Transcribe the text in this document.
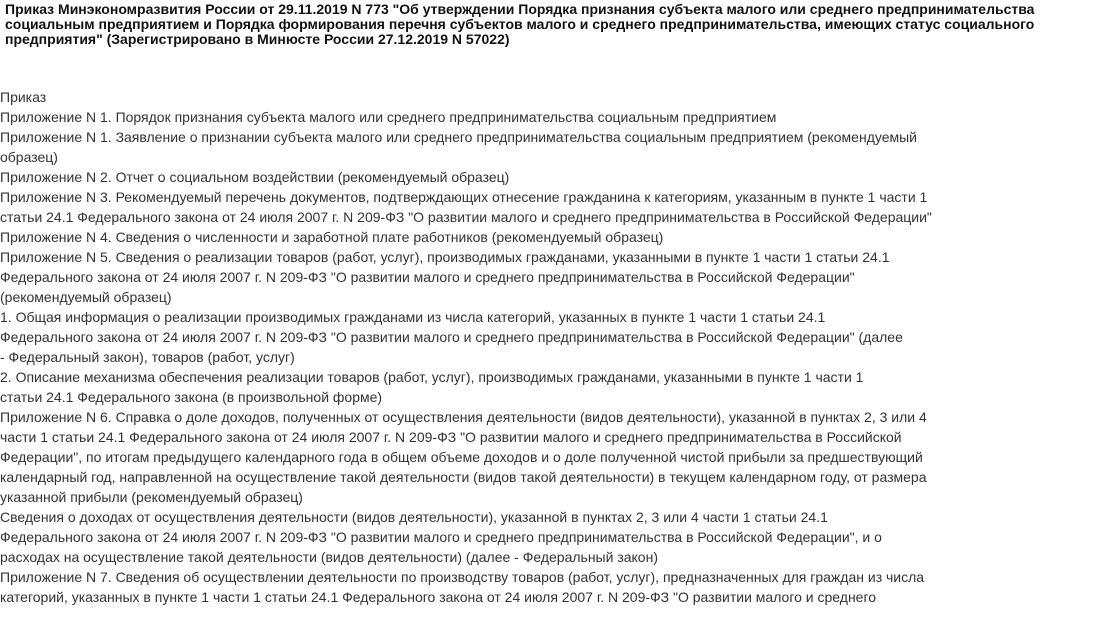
Приказ Минэкономразвития России от 29.11.2019 N 773 "Об утверждении Порядка признания субъекта малого или среднего предпринимательства социальным предприятием и Порядка формирования перечня субъектов малого и среднего предпринимательства, имеющих статус социального предприятия" (Зарегистрировано в Минюсте России 27.12.2019 N 57022)
Приказ
Приложение N 1. Порядок признания субъекта малого или среднего предпринимательства социальным предприятием
Приложение N 1. Заявление о признании субъекта малого или среднего предпринимательства социальным предприятием (рекомендуемый образец)
Приложение N 2. Отчет о социальном воздействии (рекомендуемый образец)
Приложение N 3. Рекомендуемый перечень документов, подтверждающих отнесение гражданина к категориям, указанным в пункте 1 части 1 статьи 24.1 Федерального закона от 24 июля 2007 г. N 209-ФЗ "О развитии малого и среднего предпринимательства в Российской Федерации"
Приложение N 4. Сведения о численности и заработной плате работников (рекомендуемый образец)
Приложение N 5. Сведения о реализации товаров (работ, услуг), производимых гражданами, указанными в пункте 1 части 1 статьи 24.1 Федерального закона от 24 июля 2007 г. N 209-ФЗ "О развитии малого и среднего предпринимательства в Российской Федерации" (рекомендуемый образец)
1. Общая информация о реализации производимых гражданами из числа категорий, указанных в пункте 1 части 1 статьи 24.1 Федерального закона от 24 июля 2007 г. N 209-ФЗ "О развитии малого и среднего предпринимательства в Российской Федерации" (далее - Федеральный закон), товаров (работ, услуг)
2. Описание механизма обеспечения реализации товаров (работ, услуг), производимых гражданами, указанными в пункте 1 части 1 статьи 24.1 Федерального закона (в произвольной форме)
Приложение N 6. Справка о доле доходов, полученных от осуществления деятельности (видов деятельности), указанной в пунктах 2, 3 или 4 части 1 статьи 24.1 Федерального закона от 24 июля 2007 г. N 209-ФЗ "О развитии малого и среднего предпринимательства в Российской Федерации", по итогам предыдущего календарного года в общем объеме доходов и о доле полученной чистой прибыли за предшествующий календарный год, направленной на осуществление такой деятельности (видов такой деятельности) в текущем календарном году, от размера указанной прибыли (рекомендуемый образец)
Сведения о доходах от осуществления деятельности (видов деятельности), указанной в пунктах 2, 3 или 4 части 1 статьи 24.1 Федерального закона от 24 июля 2007 г. N 209-ФЗ "О развитии малого и среднего предпринимательства в Российской Федерации", и о расходах на осуществление такой деятельности (видов деятельности) (далее - Федеральный закон)
Приложение N 7. Сведения об осуществлении деятельности по производству товаров (работ, услуг), предназначенных для граждан из числа категорий, указанных в пункте 1 части 1 статьи 24.1 Федерального закона от 24 июля 2007 г. N 209-ФЗ "О развитии малого и среднего
